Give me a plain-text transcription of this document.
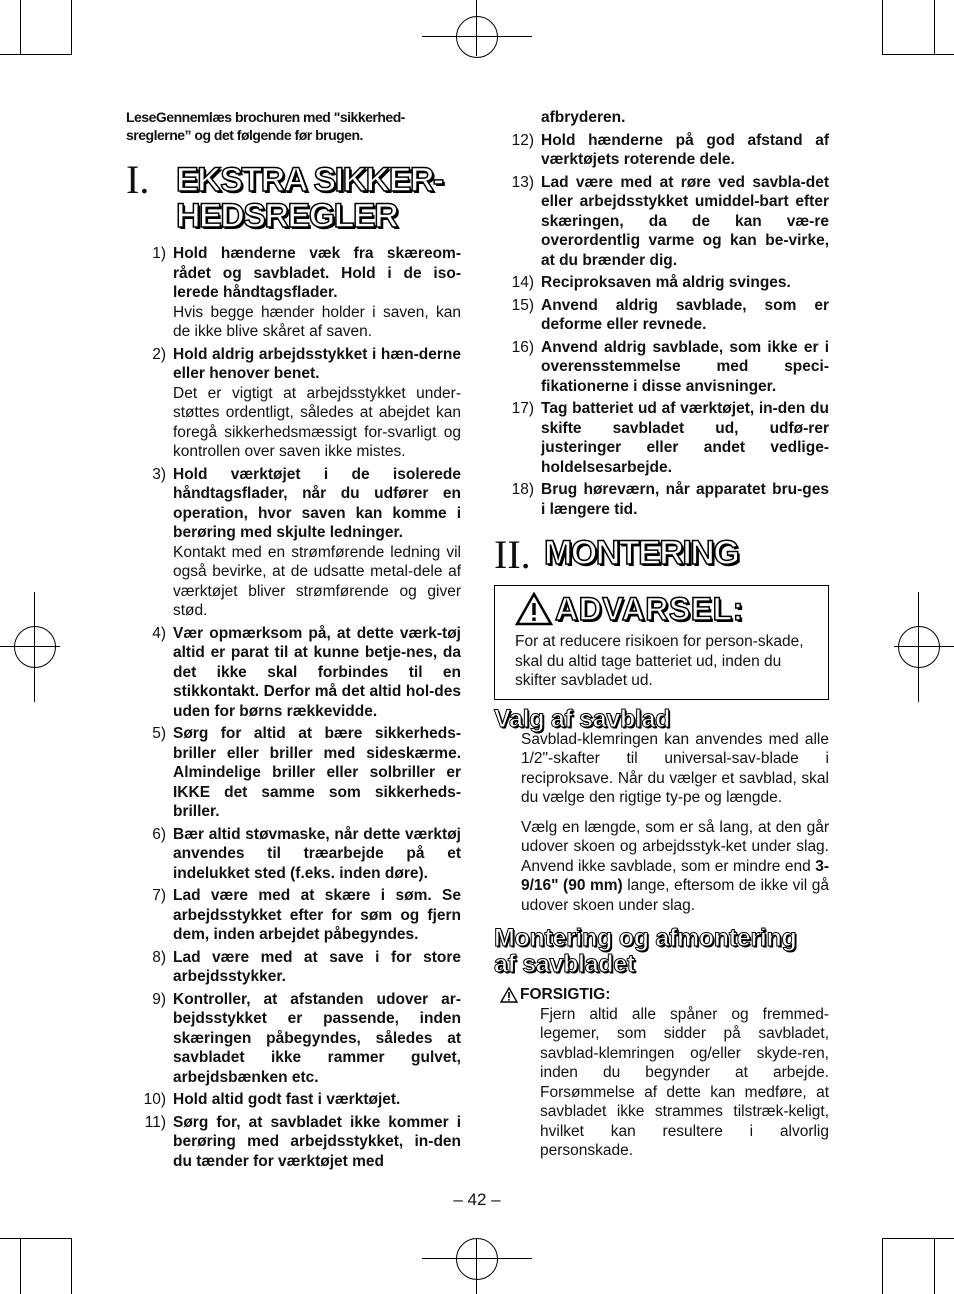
LeseGennemlæs brochuren med "sikkerhed-sreglerne” og det følgende før brugen.

I. EKSTRA SIKKER-
HEDSREGLER
1) Hold hænderne væk fra skæreom-rådet og savbladet. Hold i de iso-lerede håndtagsflader.
Hvis begge hænder holder i saven, kan de ikke blive skåret af saven.
2) Hold aldrig arbejdsstykket i hæn-derne eller henover benet.
Det er vigtigt at arbejdsstykket under-støttes ordentligt, således at abejdet kan foregå sikkerhedsmæssigt for-svarligt og kontrollen over saven ikke mistes.
3) Hold værktøjet i de isolerede håndtagsflader, når du udfører en operation, hvor saven kan komme i berøring med skjulte ledninger.
Kontakt med en strømførende ledning vil også bevirke, at de udsatte metal-dele af værktøjet bliver strømførende og giver stød.
4) Vær opmærksom på, at dette værk-tøj altid er parat til at kunne betje-nes, da det ikke skal forbindes til en stikkontakt. Derfor må det altid hol-des uden for børns rækkevidde.
5) Sørg for altid at bære sikkerheds-briller eller briller med sideskærme. Almindelige briller eller solbriller er IKKE det samme som sikkerheds-briller.
6) Bær altid støvmaske, når dette værktøj anvendes til træarbejde på et indelukket sted (f.eks. inden døre).
7) Lad være med at skære i søm. Se arbejdsstykket efter for søm og fjern dem, inden arbejdet påbegyndes.
8) Lad være med at save i for store arbejdsstykker.
9) Kontroller, at afstanden udover ar-bejdsstykket er passende, inden skæringen påbegyndes, således at savbladet ikke rammer gulvet, arbejdsbænken etc.
10) Hold altid godt fast i værktøjet.
11) Sørg for, at savbladet ikke kommer i berøring med arbejdsstykket, in-den du tænder for værktøjet med
afbryderen.
12) Hold hænderne på god afstand af værktøjets roterende dele.
13) Lad være med at røre ved savbla-det eller arbejdsstykket umiddel-bart efter skæringen, da de kan væ-re overordentlig varme og kan be-virke, at du brænder dig.
14) Reciproksaven må aldrig svinges.
15) Anvend aldrig savblade, som er deforme eller revnede.
16) Anvend aldrig savblade, som ikke er i overensstemmelse med speci-fikationerne i disse anvisninger.
17) Tag batteriet ud af værktøjet, in-den du skifte savbladet ud, udfø-rer justeringer eller andet vedlige-holdelsesarbejde.
18) Brug høreværn, når apparatet bru-ges i længere tid.
II. MONTERING
ADVARSEL:

For at reducere risikoen for person-skade, skal du altid tage batteriet ud, inden du skifter savbladet ud.

Valg af savblad

Savblad-klemringen kan anvendes med alle 1/2"-skafter til universal-sav-blade i reciproksave. Når du vælger et savblad, skal du vælge den rigtige ty-pe og længde.

Vælg en længde, som er så lang, at den går udover skoen og arbejdsstyk-ket under slag. Anvend ikke savblade, som er mindre end 3-9/16" (90 mm) lange, eftersom de ikke vil gå udover skoen under slag.

Montering og afmontering
af savbladet
FORSIGTIG:

Fjern altid alle spåner og fremmed-legemer, som sidder på savbladet, savblad-klemringen og/eller skyde-ren, inden du begynder at arbejde. Forsømmelse af dette kan medføre, at savbladet ikke strammes tilstræk-keligt, hvilket kan resultere i alvorlig personskade.

– 42 –
